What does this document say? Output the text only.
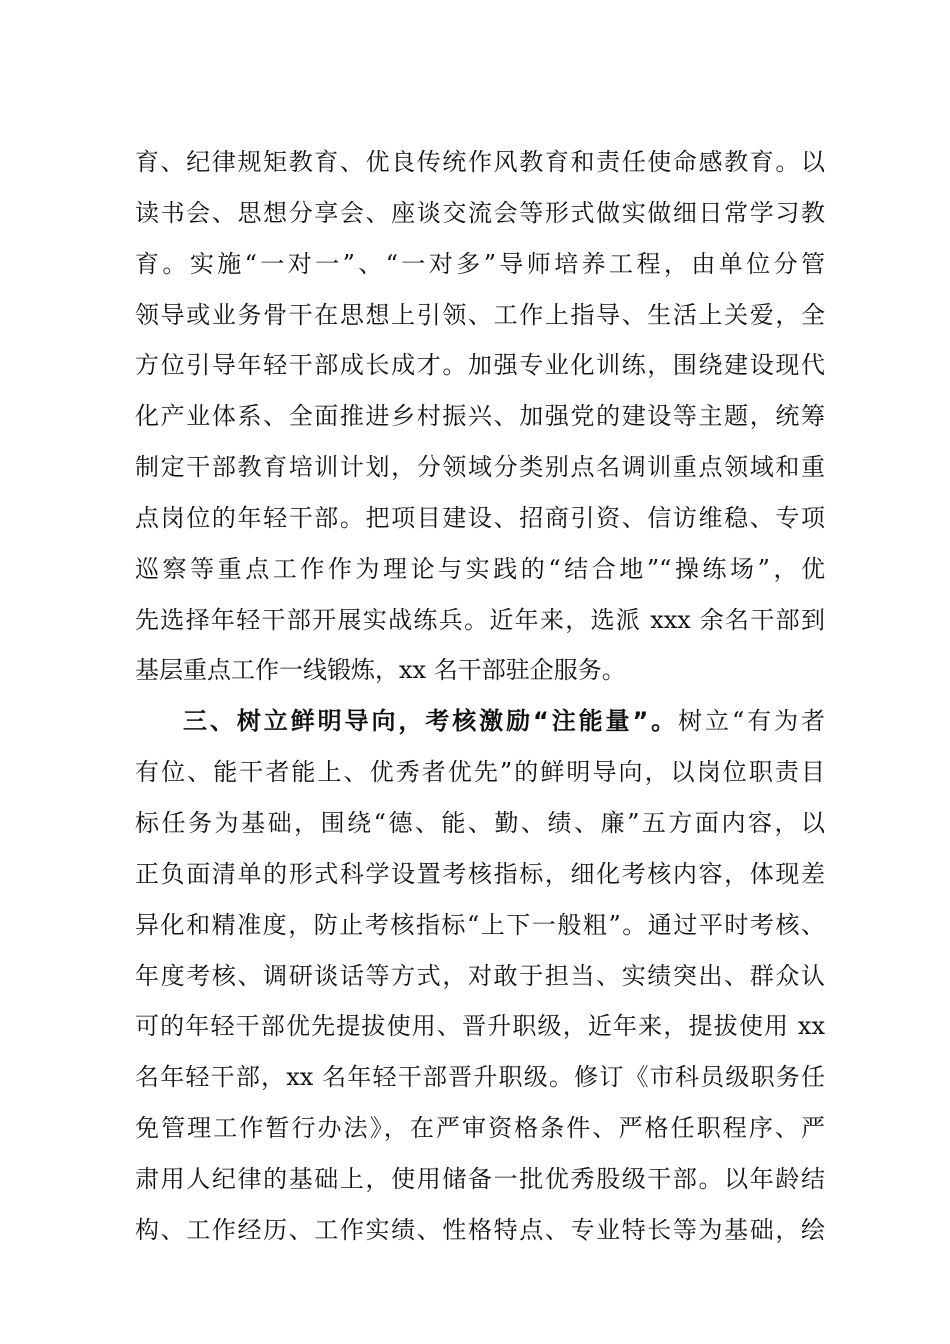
育、纪律规矩教育、优良传统作风教育和责任使命感教育。以
读书会、思想分享会、座谈交流会等形式做实做细日常学习教
育。实施“一对一”、“一对多”导师培养工程，由单位分管
领导或业务骨干在思想上引领、工作上指导、生活上关爱，全
方位引导年轻干部成长成才。加强专业化训练，围绕建设现代
化产业体系、全面推进乡村振兴、加强党的建设等主题，统筹
制定干部教育培训计划，分领域分类别点名调训重点领域和重
点岗位的年轻干部。把项目建设、招商引资、信访维稳、专项
巡察等重点工作作为理论与实践的“结合地”“操练场”，优
先选择年轻干部开展实战练兵。近年来，选派 xxx 余名干部到
基层重点工作一线锻炼，xx 名干部驻企服务。
三、树立鲜明导向，考核激励“注能量”。树立“有为者
有位、能干者能上、优秀者优先”的鲜明导向，以岗位职责目
标任务为基础，围绕“德、能、勤、绩、廉”五方面内容，以
正负面清单的形式科学设置考核指标，细化考核内容，体现差
异化和精准度，防止考核指标“上下一般粗”。通过平时考核、
年度考核、调研谈话等方式，对敢于担当、实绩突出、群众认
可的年轻干部优先提拔使用、晋升职级，近年来，提拔使用 xx
名年轻干部，xx 名年轻干部晋升职级。修订《市科员级职务任
免管理工作暂行办法》，在严审资格条件、严格任职程序、严
肃用人纪律的基础上，使用储备一批优秀股级干部。以年龄结
构、工作经历、工作实绩、性格特点、专业特长等为基础，绘
